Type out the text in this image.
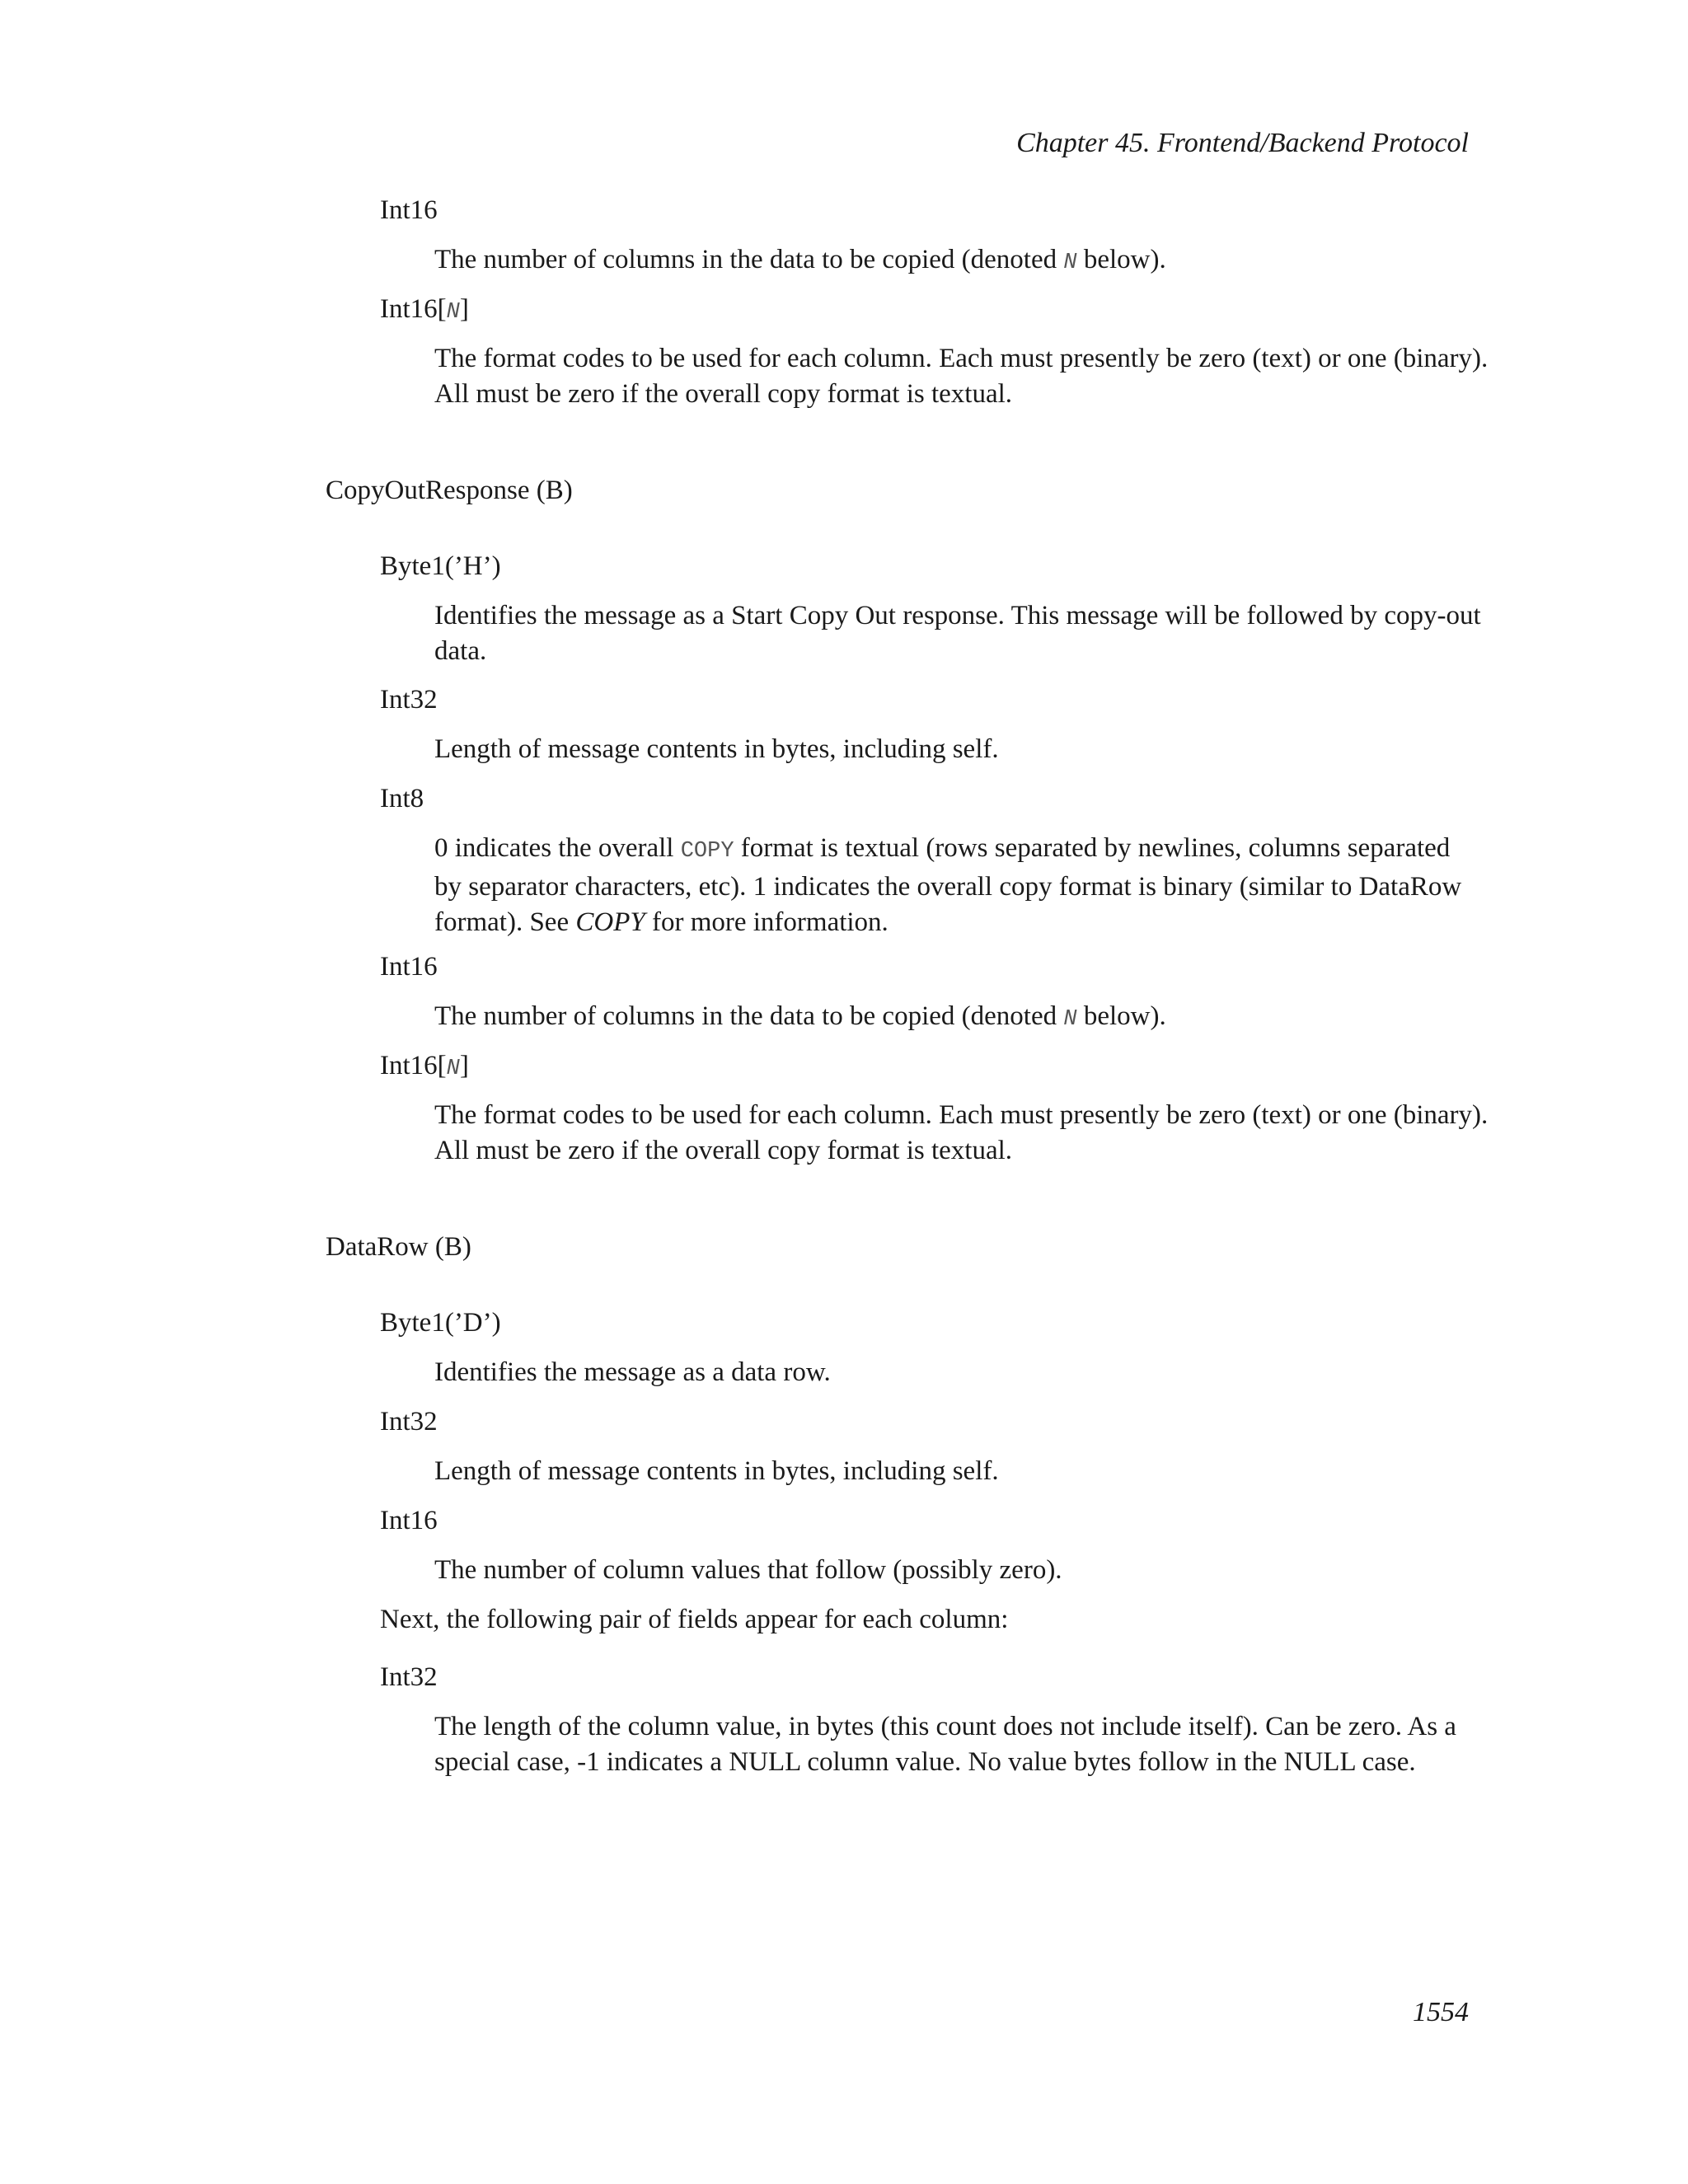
Chapter 45. Frontend/Backend Protocol
Int16
The number of columns in the data to be copied (denoted N below).
Int16[N]
The format codes to be used for each column. Each must presently be zero (text) or one (binary).
All must be zero if the overall copy format is textual.
CopyOutResponse (B)
Byte1(’H’)
Identifies the message as a Start Copy Out response. This message will be followed by copy-out
data.
Int32
Length of message contents in bytes, including self.
Int8
0 indicates the overall COPY format is textual (rows separated by newlines, columns separated
by separator characters, etc). 1 indicates the overall copy format is binary (similar to DataRow
format). See COPY for more information.
Int16
The number of columns in the data to be copied (denoted N below).
Int16[N]
The format codes to be used for each column. Each must presently be zero (text) or one (binary).
All must be zero if the overall copy format is textual.
DataRow (B)
Byte1(’D’)
Identifies the message as a data row.
Int32
Length of message contents in bytes, including self.
Int16
The number of column values that follow (possibly zero).
Next, the following pair of fields appear for each column:
Int32
The length of the column value, in bytes (this count does not include itself). Can be zero. As a
special case, -1 indicates a NULL column value. No value bytes follow in the NULL case.
1554
